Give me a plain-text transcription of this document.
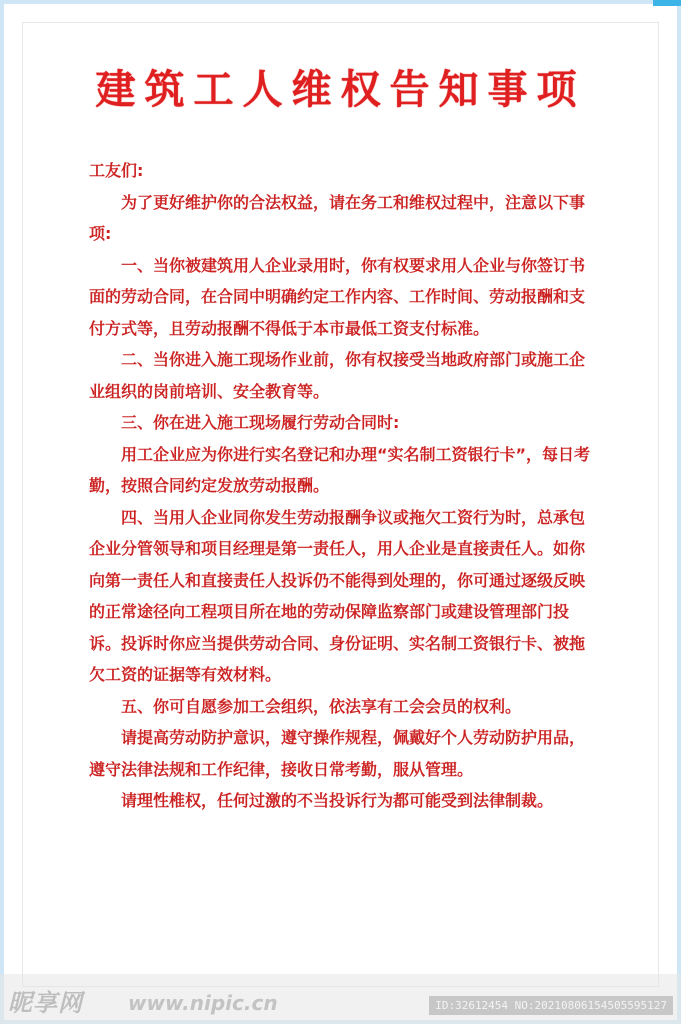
建筑工人维权告知事项

工友们:

为了更好维护你的合法权益，请在务工和维权过程中，注意以下事项:

一、当你被建筑用人企业录用时，你有权要求用人企业与你签订书面的劳动合同，在合同中明确约定工作内容、工作时间、劳动报酬和支付方式等，且劳动报酬不得低于本市最低工资支付标准。

二、当你进入施工现场作业前，你有权接受当地政府部门或施工企业组织的岗前培训、安全教育等。

三、你在进入施工现场履行劳动合同时:

用工企业应为你进行实名登记和办理“实名制工资银行卡”，每日考勤，按照合同约定发放劳动报酬。

四、当用人企业同你发生劳动报酬争议或拖欠工资行为时，总承包企业分管领导和项目经理是第一责任人，用人企业是直接责任人。如你向第一责任人和直接责任人投诉仍不能得到处理的，你可通过逐级反映的正常途径向工程项目所在地的劳动保障监察部门或建设管理部门投诉。投诉时你应当提供劳动合同、身份证明、实名制工资银行卡、被拖欠工资的证据等有效材料。

五、你可自愿参加工会组织，依法享有工会会员的权利。

请提高劳动防护意识，遵守操作规程，佩戴好个人劳动防护用品，遵守法律法规和工作纪律，接收日常考勤，服从管理。

请理性椎权，任何过激的不当投诉行为都可能受到法律制裁。

昵享网 www.nipic.cn	ID:32612454 NO:20210806154505595127
